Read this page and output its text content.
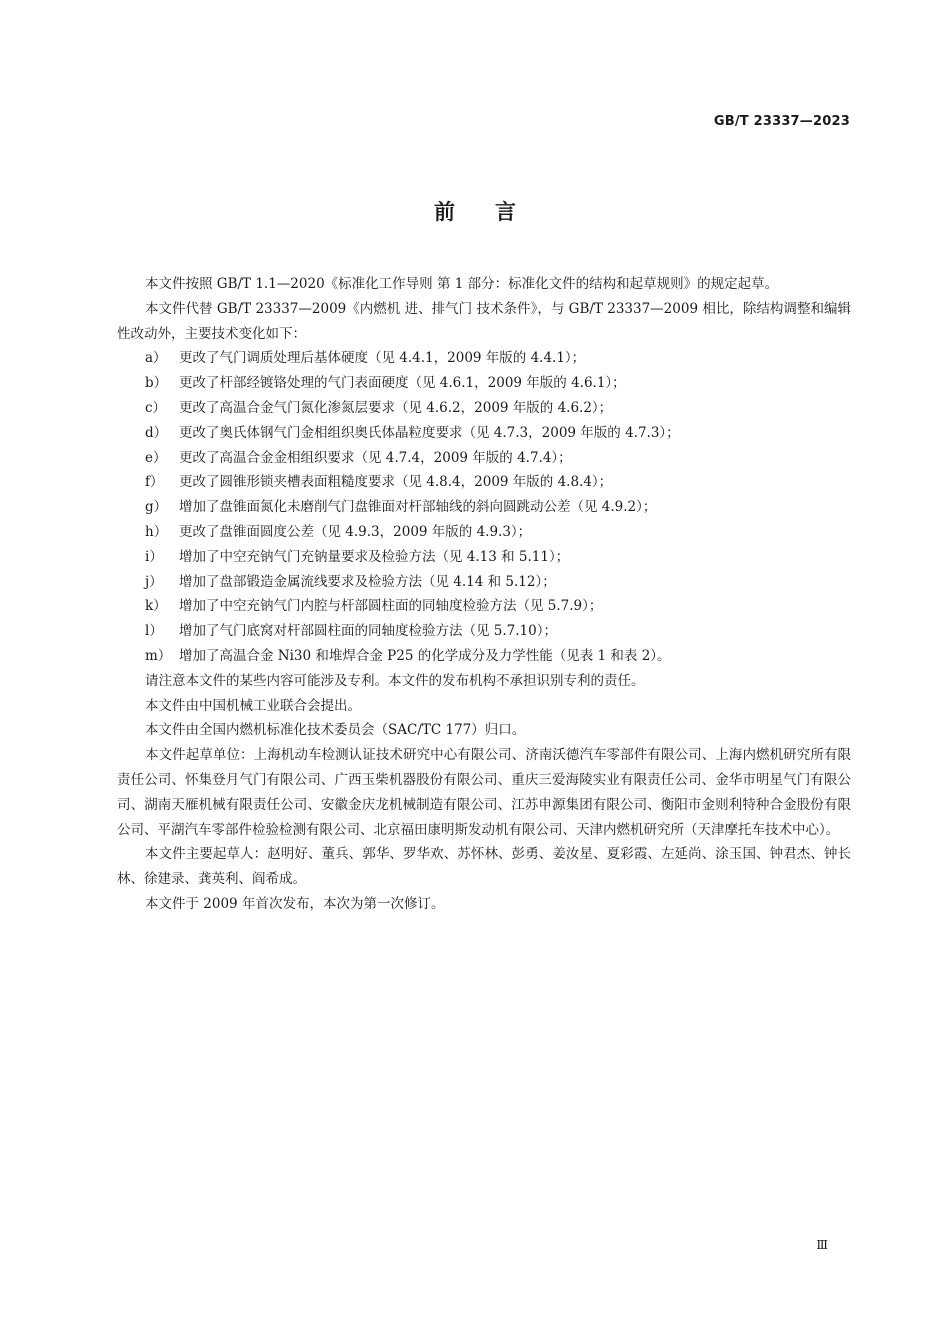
GB/T 23337—2023
前言

本文件按照 GB/T 1.1—2020《标准化工作导则 第 1 部分：标准化文件的结构和起草规则》的规定起草。

本文件代替 GB/T 23337—2009《内燃机 进、排气门 技术条件》，与 GB/T 23337—2009 相比，除结构调整和编辑性改动外，主要技术变化如下：

a） 更改了气门调质处理后基体硬度（见 4.4.1，2009 年版的 4.4.1）；
b） 更改了杆部经镀铬处理的气门表面硬度（见 4.6.1，2009 年版的 4.6.1）；
c） 更改了高温合金气门氮化渗氮层要求（见 4.6.2，2009 年版的 4.6.2）；
d） 更改了奥氏体钢气门金相组织奥氏体晶粒度要求（见 4.7.3，2009 年版的 4.7.3）；
e） 更改了高温合金金相组织要求（见 4.7.4，2009 年版的 4.7.4）；
f）	更改了圆锥形锁夹槽表面粗糙度要求（见 4.8.4，2009 年版的 4.8.4）；
g） 增加了盘锥面氮化未磨削气门盘锥面对杆部轴线的斜向圆跳动公差（见 4.9.2）；
h） 更改了盘锥面圆度公差（见 4.9.3，2009 年版的 4.9.3）；
i）	增加了中空充钠气门充钠量要求及检验方法（见 4.13 和 5.11）；
j）	增加了盘部锻造金属流线要求及检验方法（见 4.14 和 5.12）；
k） 增加了中空充钠气门内腔与杆部圆柱面的同轴度检验方法（见 5.7.9）；
l）	增加了气门底窝对杆部圆柱面的同轴度检验方法（见 5.7.10）；
m） 增加了高温合金 Ni30 和堆焊合金 P25 的化学成分及力学性能（见表 1 和表 2）。

请注意本文件的某些内容可能涉及专利。本文件的发布机构不承担识别专利的责任。

本文件由中国机械工业联合会提出。

本文件由全国内燃机标准化技术委员会（SAC/TC 177）归口。

本文件起草单位：上海机动车检测认证技术研究中心有限公司、济南沃德汽车零部件有限公司、上海内燃机研究所有限责任公司、怀集登月气门有限公司、广西玉柴机器股份有限公司、重庆三爱海陵实业有限责任公司、金华市明星气门有限公司、湖南天雁机械有限责任公司、安徽金庆龙机械制造有限公司、江苏申源集团有限公司、衡阳市金则利特种合金股份有限公司、平湖汽车零部件检验检测有限公司、北京福田康明斯发动机有限公司、天津内燃机研究所（天津摩托车技术中心）。

本文件主要起草人：赵明好、董兵、郭华、罗华欢、苏怀林、彭勇、姜汝星、夏彩霞、左延尚、涂玉国、钟君杰、钟长林、徐建录、龚英利、阎希成。

本文件于 2009 年首次发布，本次为第一次修订。

Ⅲ
